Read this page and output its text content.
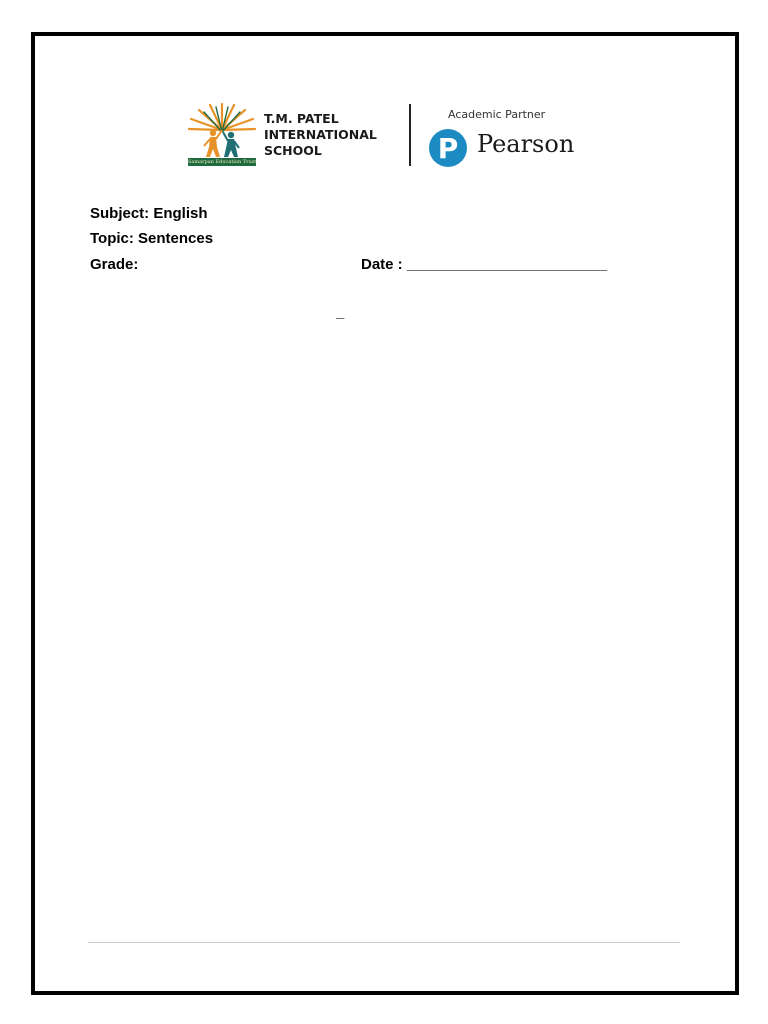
Samarpan Education Trust
T.M. PATEL
INTERNATIONAL
SCHOOL
Academic Partner
P Pearson
Subject: English
Topic: Sentences
Grade:	Date : ________________________
_
